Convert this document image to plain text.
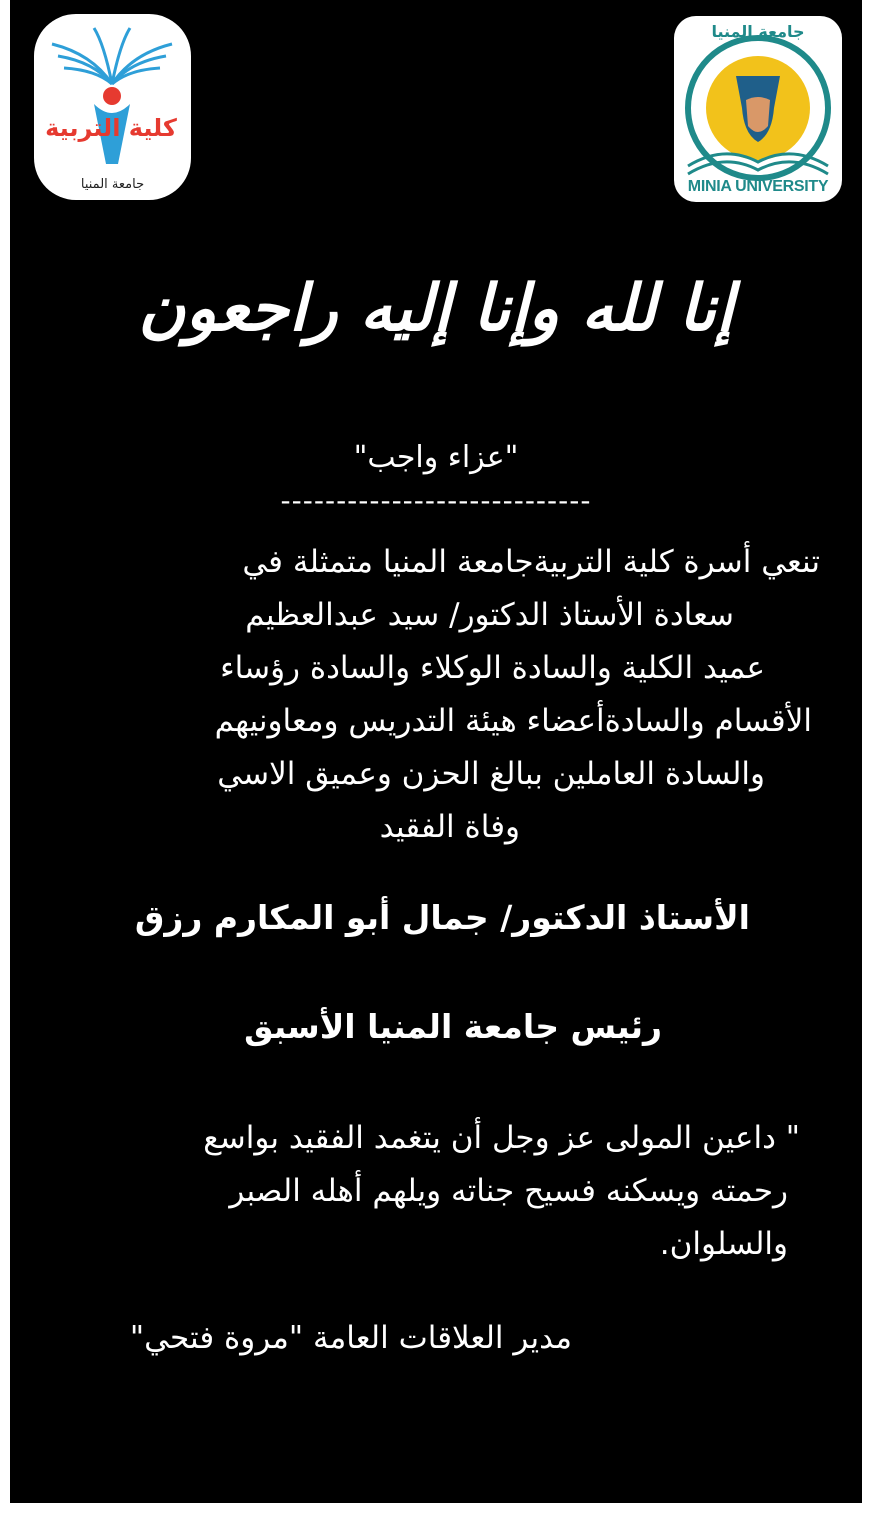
كلية التربية
جامعة المنيا
جامعة المنيا
MINIA UNIVERSITY
إنا لله وإنا إليه راجعون

"عزاء واجب"

----------------------------

تنعي أسرة كلية التربيةجامعة المنيا متمثلة في
سعادة الأستاذ الدكتور/ سيد عبدالعظيم
عميد الكلية والسادة الوكلاء والسادة رؤساء
الأقسام والسادةأعضاء هيئة التدريس ومعاونيهم
والسادة العاملين ببالغ الحزن وعميق الاسي
وفاة الفقيد

الأستاذ الدكتور/ جمال أبو المكارم رزق

رئيس جامعة المنيا الأسبق

" داعين المولى عز وجل أن يتغمد الفقيد بواسع
رحمته ويسكنه فسيح جناته ويلهم أهله الصبر
والسلوان.

مدير العلاقات العامة "مروة فتحي"
